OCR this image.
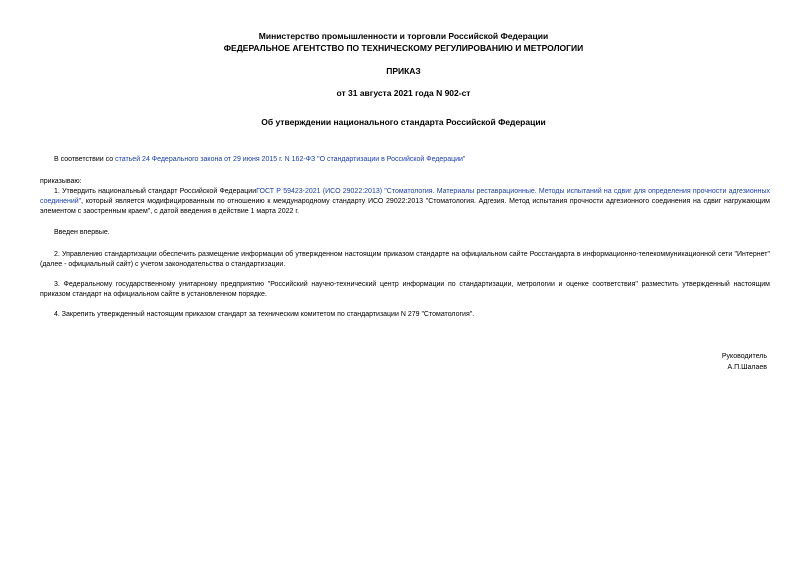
Министерство промышленности и торговли Российской Федерации
ФЕДЕРАЛЬНОЕ АГЕНТСТВО ПО ТЕХНИЧЕСКОМУ РЕГУЛИРОВАНИЮ И МЕТРОЛОГИИ
ПРИКАЗ
от 31 августа 2021 года N 902-ст
Об утверждении национального стандарта Российской Федерации
В соответствии со статьей 24 Федерального закона от 29 июня 2015 г. N 162-ФЗ "О стандартизации в Российской Федерации"
приказываю:
1. Утвердить национальный стандарт Российской ФедерацииГОСТ Р 59423-2021 (ИСО 29022:2013) "Стоматология. Материалы реставрационные. Методы испытаний на сдвиг для определения прочности адгезионных соединений", который является модифицированным по отношению к международному стандарту ИСО 29022:2013 "Стоматология. Адгезия. Метод испытания прочности адгезионного соединения на сдвиг нагружающим элементом с заостренным краем", с датой введения в действие 1 марта 2022 г.
Введен впервые.
2. Управлению стандартизации обеспечить размещение информации об утвержденном настоящим приказом стандарте на официальном сайте Росстандарта в информационно-телекоммуникационной сети "Интернет" (далее - официальный сайт) с учетом законодательства о стандартизации.
3. Федеральному государственному унитарному предприятию "Российский научно-технический центр информации по стандартизации, метрологии и оценке соответствия" разместить утвержденный настоящим приказом стандарт на официальном сайте в установленном порядке.
4. Закрепить утвержденный настоящим приказом стандарт за техническим комитетом по стандартизации N 279 "Стоматология".
Руководитель
А.П.Шалаев
